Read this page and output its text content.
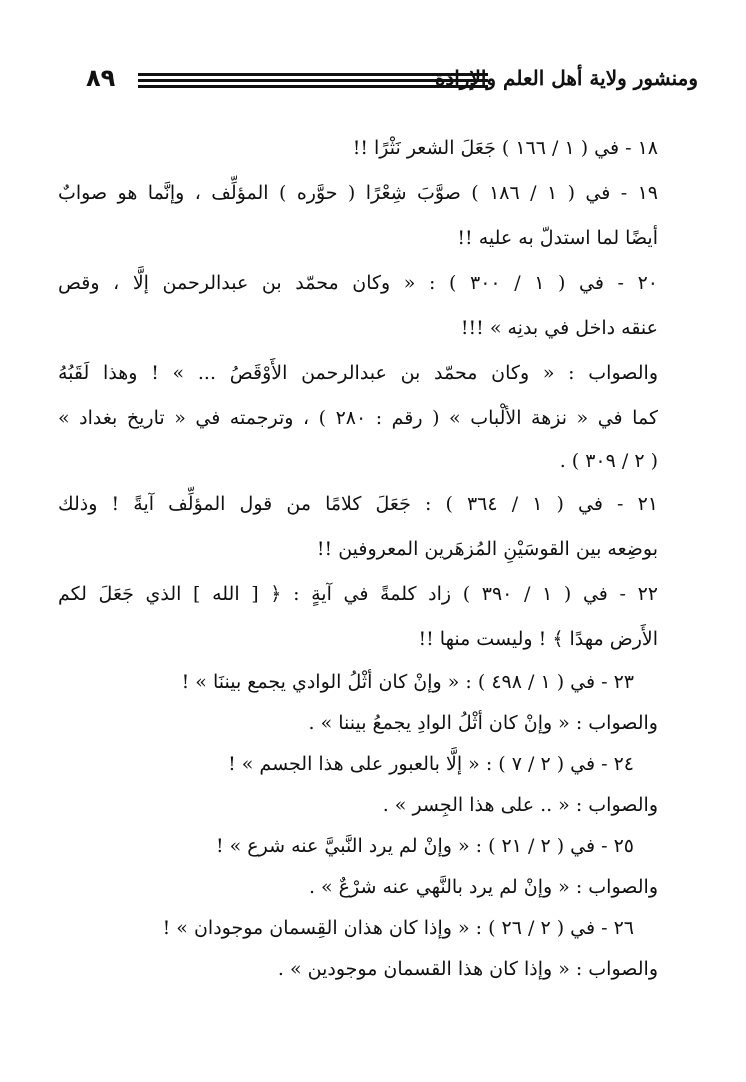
٨٩	ومنشور ولاية أهل العلم والإرادة
١٨ - في ( ١ / ١٦٦ ) جَعَلَ الشعر نَثْرًا !!
١٩ - في ( ١ / ١٨٦ ) صوَّبَ شِعْرًا ( حوَّره ) المؤلِّف ، وإنَّما هو صوابٌ
أيضًا لما استدلّ به عليه !!
٢٠ - في ( ١ / ٣٠٠ ) : « وكان محمّد بن عبدالرحمن إلَّا ، وقص
عنقه داخل في بدنِه » !!!
والصواب : « وكان محمّد بن عبدالرحمن الأَوْقَصُ ... » ! وهذا لَقَبُهُ
كما في « نزهة الألْباب » ( رقم : ٢٨٠ ) ، وترجمته في « تاريخ بغداد »
( ٢ / ٣٠٩ ) .
٢١ - في ( ١ / ٣٦٤ ) : جَعَلَ كلامًا من قول المؤلِّف آيةً ! وذلك
بوضِعه بين القوسَيْنِ المُزهَرين المعروفين !!
٢٢ - في ( ١ / ٣٩٠ ) زاد كلمةً في آيةٍ : ﴿ [ الله ] الذي جَعَلَ لكم
الأَرض مهدًا ﴾ ! وليست منها !!
٢٣ - في ( ١ / ٤٩٨ ) : « وإنْ كان أثْلُ الوادي يجمع بيننَا » !
والصواب : « وإنْ كان أثْلُ الوادِ يجمعُ بيننا » .
٢٤ - في ( ٢ / ٧ ) : « إلَّا بالعبور على هذا الجسم » !
والصواب : « .. على هذا الجِسر » .
٢٥ - في ( ٢ / ٢١ ) : « وإنْ لم يرد النَّبيَّ عنه شرع » !
والصواب : « وإنْ لم يرد بالنَّهي عنه شرْعٌ » .
٢٦ - في ( ٢ / ٢٦ ) : « وإذا كان هذان القِسمان موجودان » !
والصواب : « وإذا كان هذا القسمان موجودين » .
